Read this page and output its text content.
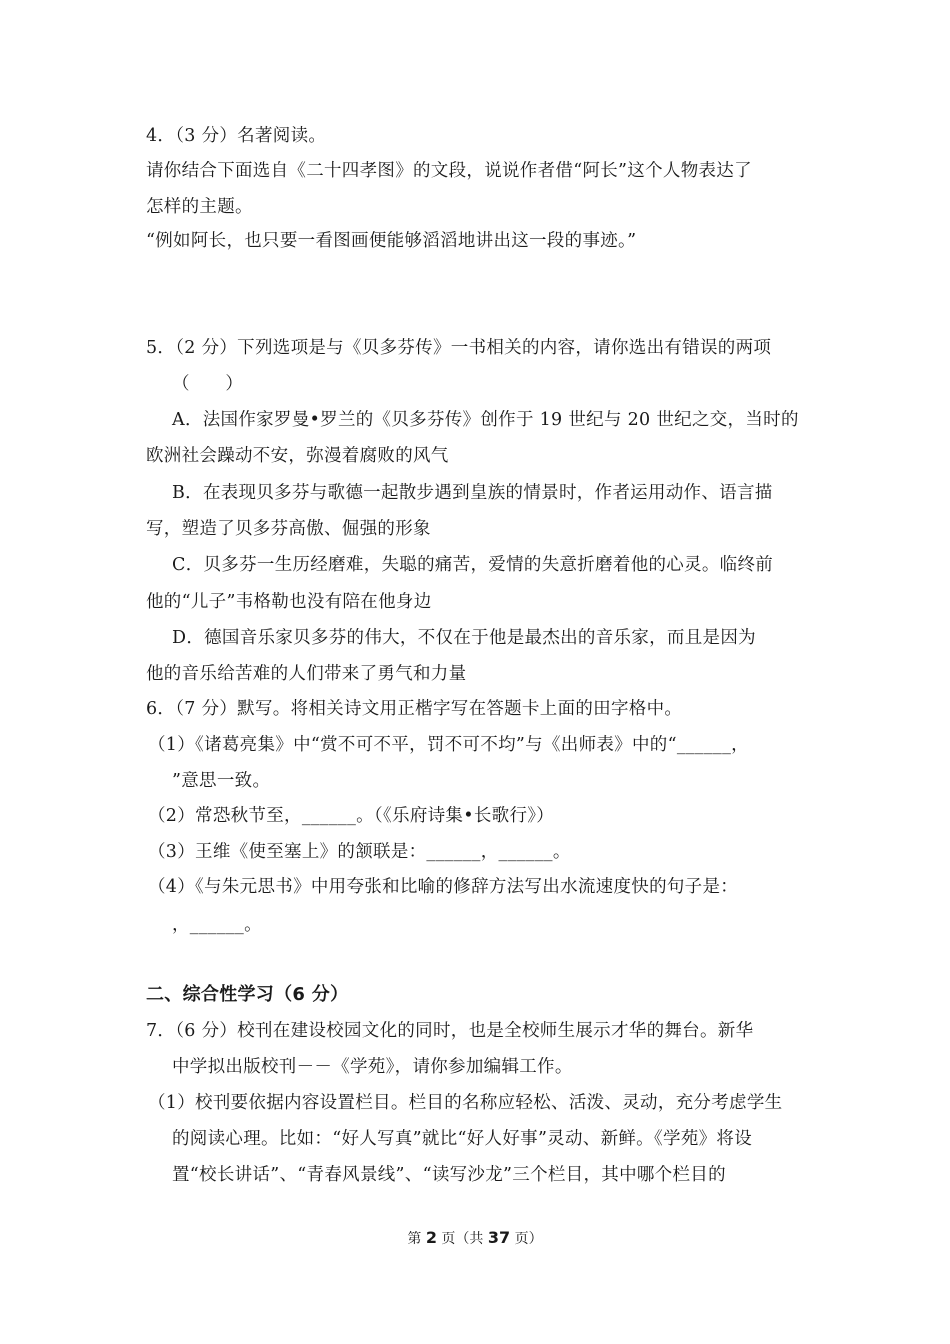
4．（3 分）名著阅读。
请你结合下面选自《二十四孝图》的文段，说说作者借“阿长”这个人物表达了
怎样的主题。
“例如阿长，也只要一看图画便能够滔滔地讲出这一段的事迹。”
5．（2 分）下列选项是与《贝多芬传》一书相关的内容，请你选出有错误的两项
（　　）
A．法国作家罗曼•罗兰的《贝多芬传》创作于 19 世纪与 20 世纪之交，当时的
欧洲社会躁动不安，弥漫着腐败的风气
B．在表现贝多芬与歌德一起散步遇到皇族的情景时，作者运用动作、语言描
写，塑造了贝多芬高傲、倔强的形象
C．贝多芬一生历经磨难，失聪的痛苦，爱情的失意折磨着他的心灵。临终前
他的“儿子”韦格勒也没有陪在他身边
D．德国音乐家贝多芬的伟大，不仅在于他是最杰出的音乐家，而且是因为
他的音乐给苦难的人们带来了勇气和力量
6．（7 分）默写。将相关诗文用正楷字写在答题卡上面的田字格中。
（1）《诸葛亮集》中“赏不可不平，罚不可不均”与《出师表》中的“______，
”意思一致。
（2）常恐秋节至，______。（《乐府诗集•长歌行》）
（3）王维《使至塞上》的颔联是：______，______。
（4）《与朱元思书》中用夸张和比喻的修辞方法写出水流速度快的句子是：
，______。
二、综合性学习（6 分）
7．（6 分）校刊在建设校园文化的同时，也是全校师生展示才华的舞台。新华
中学拟出版校刊－－《学苑》，请你参加编辑工作。
（1）校刊要依据内容设置栏目。栏目的名称应轻松、活泼、灵动，充分考虑学生
的阅读心理。比如：“好人写真”就比“好人好事”灵动、新鲜。《学苑》将设
置“校长讲话”、“青春风景线”、“读写沙龙”三个栏目，其中哪个栏目的
第 2 页（共 37 页）
